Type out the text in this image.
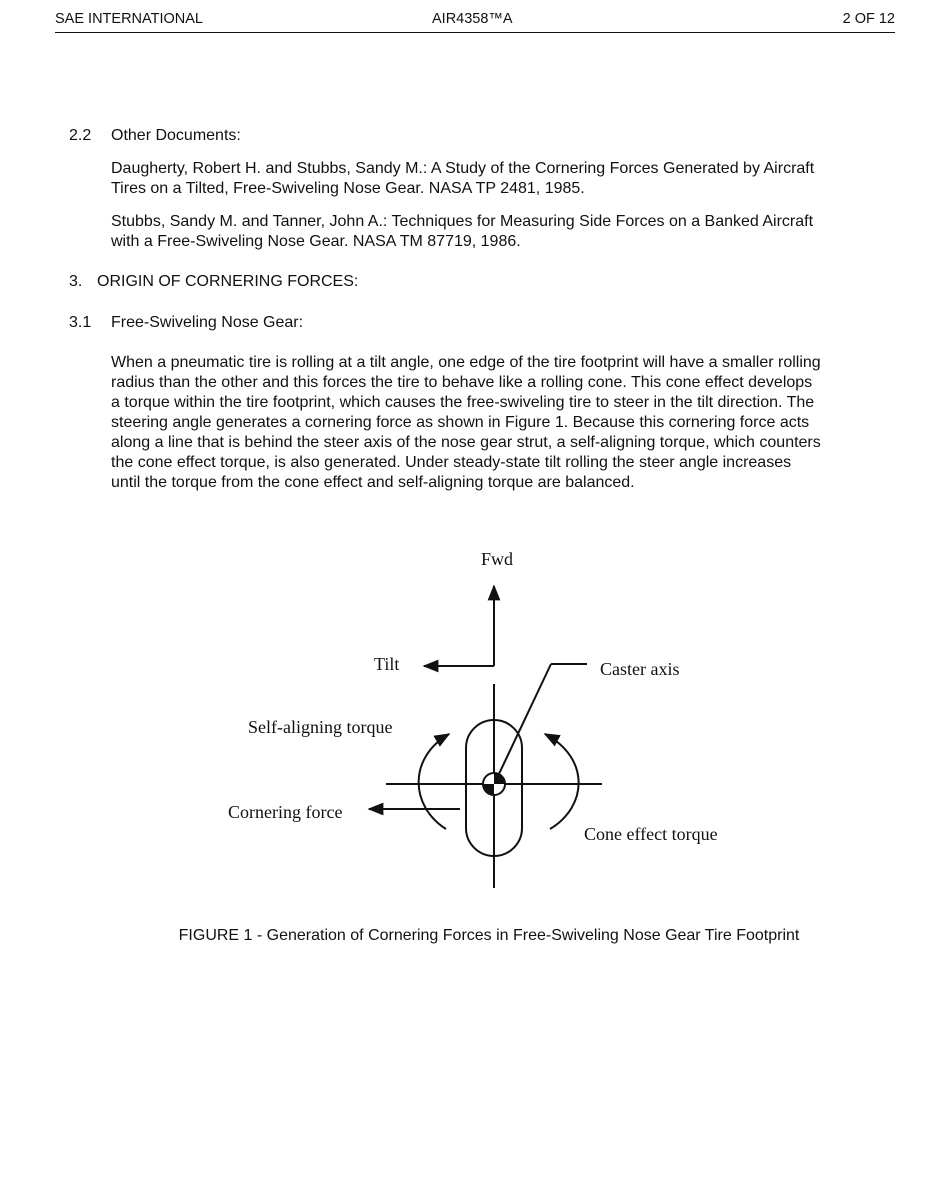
SAE INTERNATIONAL	AIR4358™A	2 OF 12
2.2 Other Documents:
Daugherty, Robert H. and Stubbs, Sandy M.: A Study of the Cornering Forces Generated by Aircraft
Tires on a Tilted, Free-Swiveling Nose Gear. NASA TP 2481, 1985.
Stubbs, Sandy M. and Tanner, John A.: Techniques for Measuring Side Forces on a Banked Aircraft
with a Free-Swiveling Nose Gear. NASA TM 87719, 1986.
3. ORIGIN OF CORNERING FORCES:
3.1 Free-Swiveling Nose Gear:
When a pneumatic tire is rolling at a tilt angle, one edge of the tire footprint will have a smaller rolling
radius than the other and this forces the tire to behave like a rolling cone. This cone effect develops
a torque within the tire footprint, which causes the free-swiveling tire to steer in the tilt direction. The
steering angle generates a cornering force as shown in Figure 1. Because this cornering force acts
along a line that is behind the steer axis of the nose gear strut, a self-aligning torque, which counters
the cone effect torque, is also generated. Under steady-state tilt rolling the steer angle increases
until the torque from the cone effect and self-aligning torque are balanced.
Fwd
Tilt	Caster axis
Self-aligning torque
Cornering force
Cone effect torque
FIGURE 1 - Generation of Cornering Forces in Free-Swiveling Nose Gear Tire Footprint
